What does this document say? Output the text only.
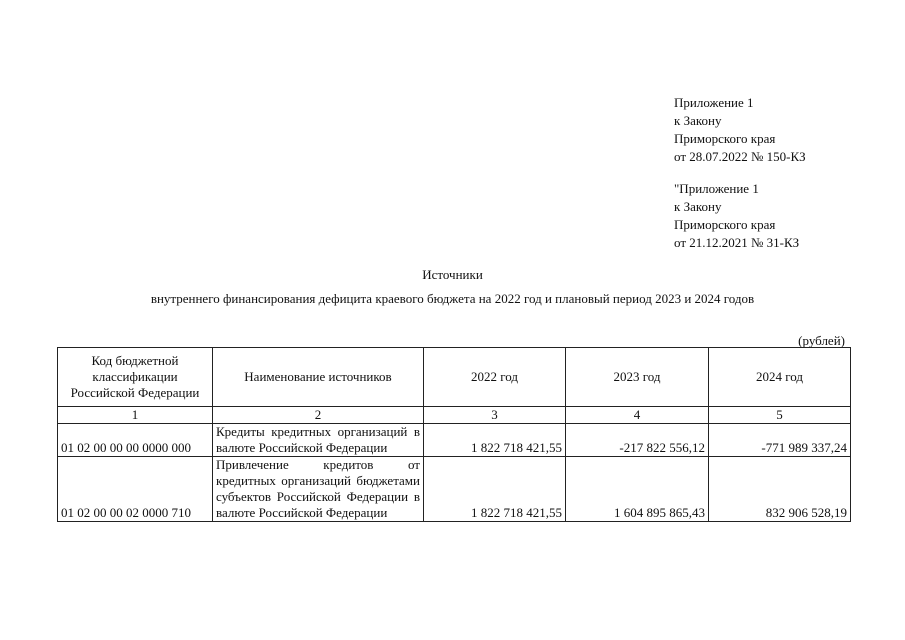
Приложение 1
к Закону
Приморского края
от 28.07.2022 № 150-КЗ
"Приложение 1
к Закону
Приморского края
от 21.12.2021 № 31-КЗ
Источники
внутреннего финансирования дефицита краевого бюджета на 2022 год и плановый период 2023 и 2024 годов
(рублей)
Код бюджетной классификации Российской Федерации	Наименование источников	2022 год	2023 год	2024 год
1	2	3	4	5
01 02 00 00 00 0000 000	Кредиты кредитных организаций в валюте Российской Федерации	1 822 718 421,55	-217 822 556,12	-771 989 337,24
01 02 00 00 02 0000 710	Привлечение кредитов от кредитных организаций бюджетами субъектов Российской Федерации в валюте Российской Федерации	1 822 718 421,55	1 604 895 865,43	832 906 528,19
